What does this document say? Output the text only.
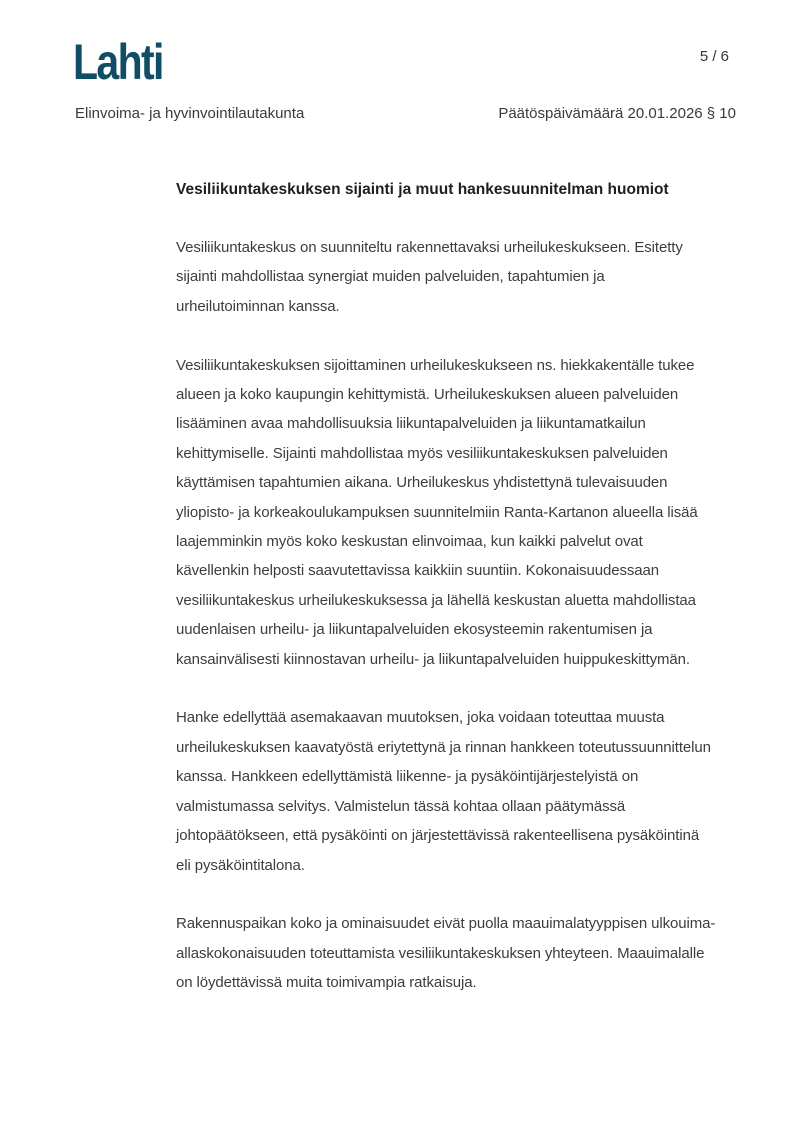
Lahti	5 / 6
Elinvoima- ja hyvinvointilautakunta	Päätöspäivämäärä 20.01.2026 § 10
Vesiliikuntakeskuksen sijainti ja muut hankesuunnitelman huomiot

Vesiliikuntakeskus on suunniteltu rakennettavaksi urheilukeskukseen. Esitetty
sijainti mahdollistaa synergiat muiden palveluiden, tapahtumien ja
urheilutoiminnan kanssa.

Vesiliikuntakeskuksen sijoittaminen urheilukeskukseen ns. hiekkakentälle tukee
alueen ja koko kaupungin kehittymistä. Urheilukeskuksen alueen palveluiden
lisääminen avaa mahdollisuuksia liikuntapalveluiden ja liikuntamatkailun
kehittymiselle. Sijainti mahdollistaa myös vesiliikuntakeskuksen palveluiden
käyttämisen tapahtumien aikana. Urheilukeskus yhdistettynä tulevaisuuden
yliopisto- ja korkeakoulukampuksen suunnitelmiin Ranta-Kartanon alueella lisää
laajemminkin myös koko keskustan elinvoimaa, kun kaikki palvelut ovat
kävellenkin helposti saavutettavissa kaikkiin suuntiin. Kokonaisuudessaan
vesiliikuntakeskus urheilukeskuksessa ja lähellä keskustan aluetta mahdollistaa
uudenlaisen urheilu- ja liikuntapalveluiden ekosysteemin rakentumisen ja
kansainvälisesti kiinnostavan urheilu- ja liikuntapalveluiden huippukeskittymän.

Hanke edellyttää asemakaavan muutoksen, joka voidaan toteuttaa muusta
urheilukeskuksen kaavatyöstä eriytettynä ja rinnan hankkeen toteutussuunnittelun
kanssa. Hankkeen edellyttämistä liikenne- ja pysäköintijärjestelyistä on
valmistumassa selvitys. Valmistelun tässä kohtaa ollaan päätymässä
johtopäätökseen, että pysäköinti on järjestettävissä rakenteellisena pysäköintinä
eli pysäköintitalona.

Rakennuspaikan koko ja ominaisuudet eivät puolla maauimalatyyppisen ulkouima-
allaskokonaisuuden toteuttamista vesiliikuntakeskuksen yhteyteen. Maauimalalle
on löydettävissä muita toimivampia ratkaisuja.
